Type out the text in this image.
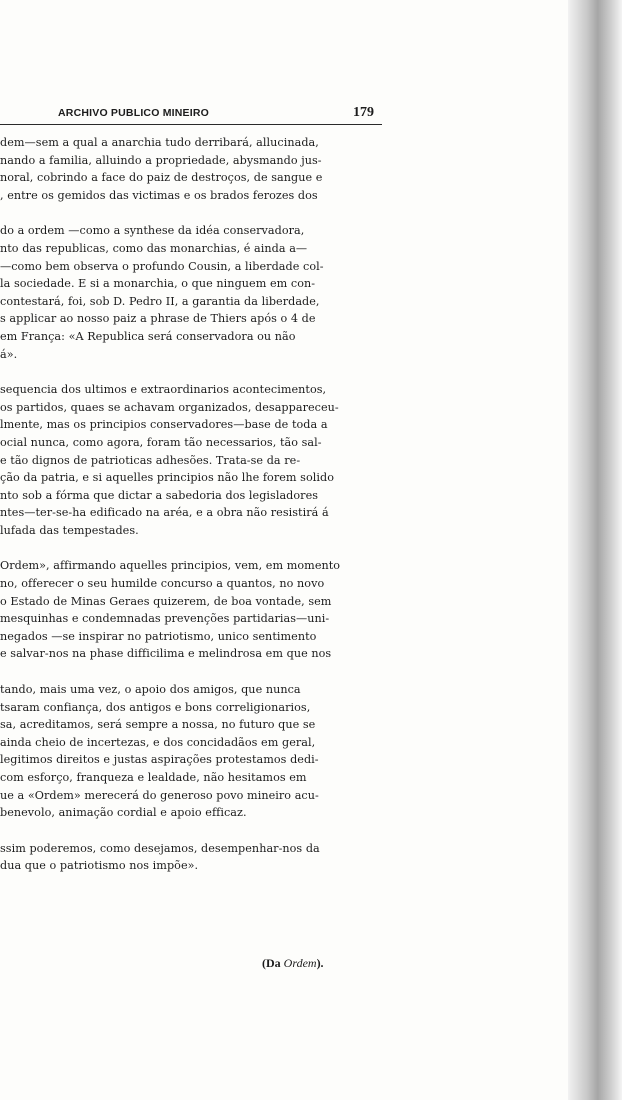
ARCHIVO PUBLICO MINEIRO	179
dem—sem a qual a anarchia tudo derribará, allucinada,
nando a familia, alluindo a propriedade, abysmando jus-
noral, cobrindo a face do paiz de destroços, de sangue e
, entre os gemidos das victimas e os brados ferozes dos
do a ordem —como a synthese da idéa conservadora,
nto das republicas, como das monarchias, é ainda a—
—como bem observa o profundo Cousin, a liberdade col-
la sociedade. E si a monarchia, o que ninguem em con-
contestará, foi, sob D. Pedro II, a garantia da liberdade,
s applicar ao nosso paiz a phrase de Thiers após o 4 de
em França: «A Republica será conservadora ou não
á».
sequencia dos ultimos e extraordinarios acontecimentos,
os partidos, quaes se achavam organizados, desappareceu-
lmente, mas os principios conservadores—base de toda a
ocial nunca, como agora, foram tão necessarios, tão sal-
e tão dignos de patrioticas adhesões. Trata-se da re-
ção da patria, e si aquelles principios não lhe forem solido
nto sob a fórma que dictar a sabedoria dos legisladores
ntes—ter-se-ha edificado na aréa, e a obra não resistirá á
lufada das tempestades.
Ordem», affirmando aquelles principios, vem, em momento
no, offerecer o seu humilde concurso a quantos, no novo
o Estado de Minas Geraes quizerem, de boa vontade, sem
mesquinhas e condemnadas prevenções partidarias—uni-
negados —se inspirar no patriotismo, unico sentimento
e salvar-nos na phase difficilima e melindrosa em que nos
tando, mais uma vez, o apoio dos amigos, que nunca
tsaram confiança, dos antigos e bons correligionarios,
sa, acreditamos, será sempre a nossa, no futuro que se
ainda cheio de incertezas, e dos concidadãos em geral,
legitimos direitos e justas aspirações protestamos dedi-
com esforço, franqueza e lealdade, não hesitamos em
ue a «Ordem» merecerá do generoso povo mineiro acu-
benevolo, animação cordial e apoio efficaz.
ssim poderemos, como desejamos, desempenhar-nos da
dua que o patriotismo nos impõe».
(Da Ordem).
